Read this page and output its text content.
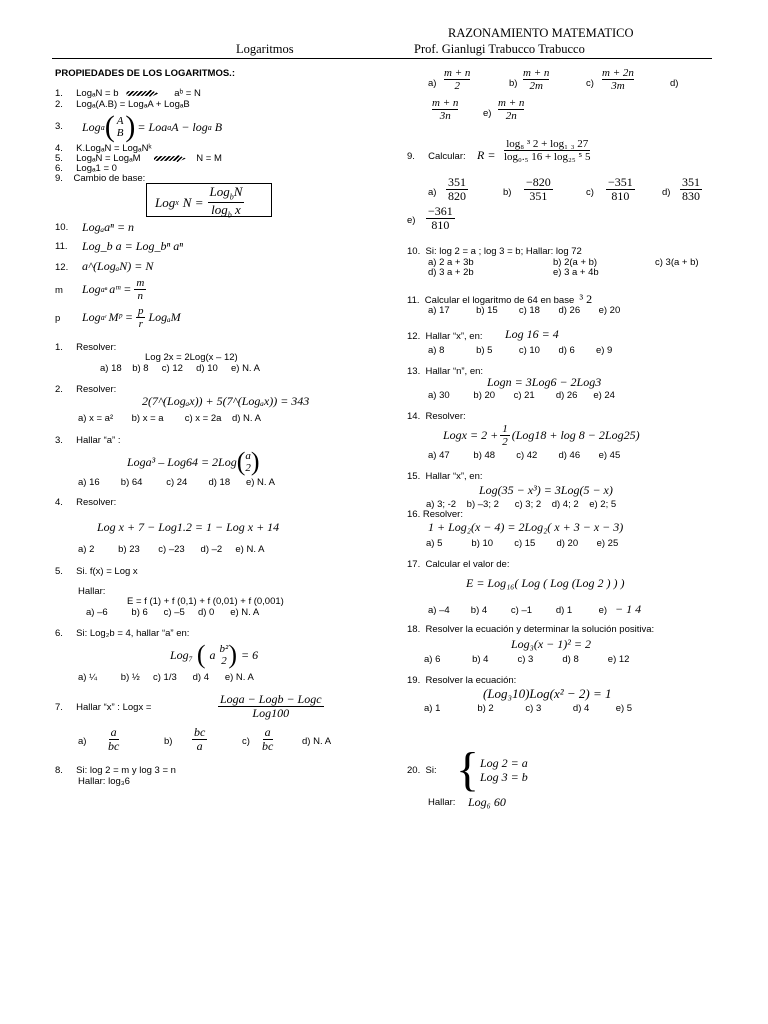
RAZONAMIENTO MATEMATICO
Logaritmos	Prof. Gianlugi Trabucco Trabucco
PROPIEDADES DE LOS LOGARITMOS.:
1. LogₐN = b	aᵇ = N
2. Logₐ(A.B) = LogₐA + LogₐB
3. Log a ( A
B ) = Loa a A − log a B
4. K.LogₐN = LogₐNᵏ
5. LogₐN = LogₐM	N = M
6. Logₐ1 = 0
9. Cambio de base:
Log x N =
Log$_b$N
$\log_b x$
10. Logₐaⁿ = n
11. Log_b a = Log_bⁿ aⁿ
12. a^(LogₐN) = N
m Log aⁿ aᵐ = $\frac{m}{n}$
p Log aʳ Mᵖ = $\frac{p}{r}$ LogₐM
1. Resolver:
Log 2x = 2Log(x – 12)
a) 18 b) 8 c) 12 d) 10 e) N. A
2. Resolver:
2(7^(Logₐx)) + 5(7^(Logₐx)) = 343
a) x = a² b) x = a c) x = 2a d) N. A
3. Hallar “a” :
Loga³ – Log64 = 2Log ( a
2 )
a) 16 b) 64	c) 24 d) 18 e) N. A
4. Resolver:
Log x + 7 − Log1.2 = 1 − Log x + 14
a) 2	b) 23 c) –23 d) –2 e) N. A
5. Si. f(x) = Log x
Hallar:
E = f (1) + f (0,1) + f (0,01) + f (0,001)
a) –6	b) 6 c) –5 d) 0 e) N. A
6. Si: Log₂b = 4, hallar “a” en:
Log₇ ( a b²
2 ) = 6
a) ¼	b) ½ c) 1/3 d) 4 e) N. A
7. Hallar “x” : Logx =
Loga − Logb − Logc
Log100
$a) \frac{a}{bc}$	$b) \frac{bc}{a}$	$c) \frac{a}{bc}$	d) N. A
8. Si: log 2 = m y log 3 = n
Hallar: log₃6
$a) \frac{m + n}{2}$	$b) \frac{m + n}{2m}$	$c) \frac{m + 2n}{3m}$	d)
$\frac{m + n}{3n}$	$e) \frac{m + n}{2n}$
9. Calcular: $R = \frac{\text{log₈ ³ 2 + log₁ ₃ 27}}{\text{log₀.₅ 16 + log₂₅ ⁵ 5}}$
$a) \frac{351}{820}$	$b) \frac{-820}{351}$	$c) \frac{-351}{810}$	$d) \frac{351}{830}$
$e) \frac{-361}{810}$
10. Si: log 2 = a ; log 3 = b; Hallar: log 72
a) 2 a + 3b	b) 2(a + b)	c) 3(a + b)
d) 3 a + 2b	e) 3 a + 4b
11. Calcular el logaritmo de 64 en base ³ 2
a) 17	b) 15 c) 18 d) 26 e) 20
12. Hallar “x”, en: Log 16 = 4
a) 8	b) 5	c) 10 d) 6 e) 9
13. Hallar “n”, en:
Logn = 3Log6 − 2Log3
a) 30	b) 20 c) 21 d) 26 e) 24
14. Resolver:
Logx = $2 + \frac{1}{2} (Log18 + \log 8 - 2Log25)$
a) 47	b) 48 c) 42 d) 46 e) 45
15. Hallar “x”, en:
Log(35 − x³) = 3Log(5 − x)
a) 3; -2 b) –3; 2 c) 3; 2 d) 4; 2 e) 2; 5
16. Resolver:
1 + Log₂(x − 4) = 2Log₂( x + 3 − x − 3)
a) 5	b) 10 c) 15 d) 20 e) 25
17. Calcular el valor de:
E = Log₁₆( Log ( Log (Log 2 ) ) )
a) –4 b) 4	c) –1	d) 1	e) − 1 4
18. Resolver la ecuación y determinar la solución positiva:
Log₃(x − 1)² = 2
a) 6	b) 4	c) 3	d) 8	e) 12
19. Resolver la ecuación:
(Log₃10)Log(x² − 2) = 1
a) 1	b) 2	c) 3	d) 4	e) 5
20. Si: { Log 2 = a
Log 3 = b
Hallar: Log₆ 60
